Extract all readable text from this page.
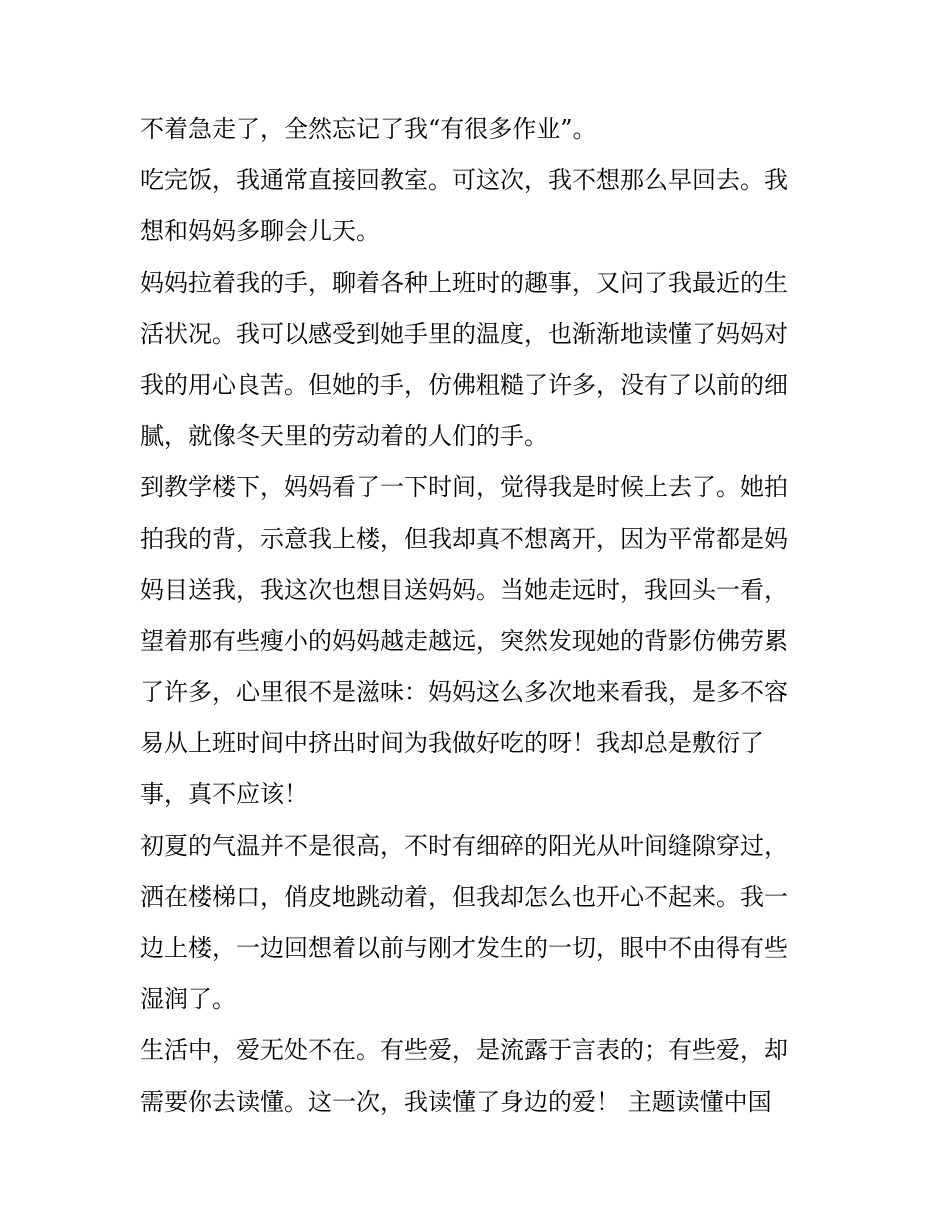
不着急走了，全然忘记了我“有很多作业”。
吃完饭，我通常直接回教室。可这次，我不想那么早回去。我
想和妈妈多聊会儿天。
妈妈拉着我的手，聊着各种上班时的趣事，又问了我最近的生
活状况。我可以感受到她手里的温度，也渐渐地读懂了妈妈对
我的用心良苦。但她的手，仿佛粗糙了许多，没有了以前的细
腻，就像冬天里的劳动着的人们的手。
到教学楼下，妈妈看了一下时间，觉得我是时候上去了。她拍
拍我的背，示意我上楼，但我却真不想离开，因为平常都是妈
妈目送我，我这次也想目送妈妈。当她走远时，我回头一看，
望着那有些瘦小的妈妈越走越远，突然发现她的背影仿佛劳累
了许多，心里很不是滋味：妈妈这么多次地来看我，是多不容
易从上班时间中挤出时间为我做好吃的呀！我却总是敷衍了
事，真不应该！
初夏的气温并不是很高，不时有细碎的阳光从叶间缝隙穿过，
洒在楼梯口，俏皮地跳动着，但我却怎么也开心不起来。我一
边上楼，一边回想着以前与刚才发生的一切，眼中不由得有些
湿润了。
生活中，爱无处不在。有些爱，是流露于言表的；有些爱，却
需要你去读懂。这一次，我读懂了身边的爱！ 主题读懂中国
